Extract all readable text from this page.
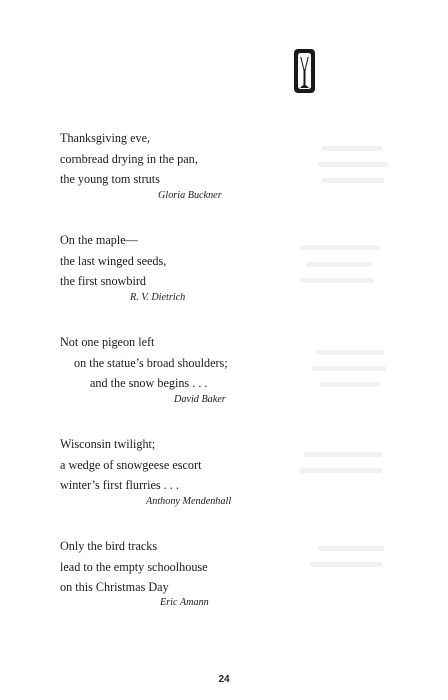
Thanksgiving eve,

cornbread drying in the pan,

the young tom struts

Gloria Buckner

On the maple—

the last winged seeds,

the first snowbird

R. V. Dietrich

Not one pigeon left

on the statue’s broad shoulders;

and the snow begins . . .

David Baker

Wisconsin twilight;

a wedge of snowgeese escort

winter’s first flurries . . .

Anthony Mendenhall

Only the bird tracks

lead to the empty schoolhouse

on this Christmas Day

Eric Amann
24
